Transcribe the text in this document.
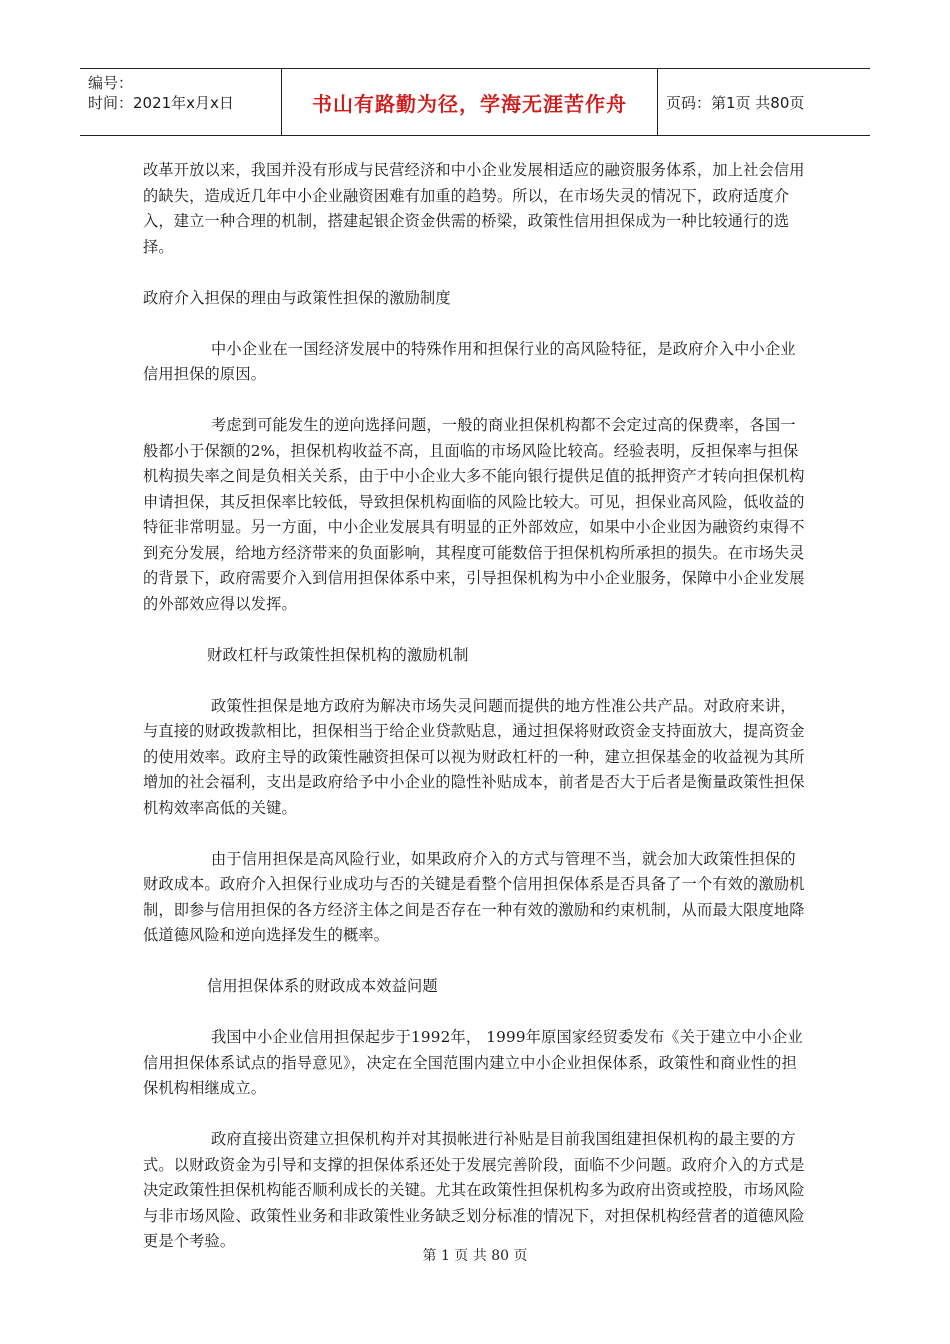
编号：
时间：2021年x月x日	书山有路勤为径，学海无涯苦作舟	页码：第1页 共80页

改革开放以来，我国并没有形成与民营经济和中小企业发展相适应的融资服务体系，加上社会信用的缺失，造成近几年中小企业融资困难有加重的趋势。所以，在市场失灵的情况下，政府适度介入，建立一种合理的机制，搭建起银企资金供需的桥梁，政策性信用担保成为一种比较通行的选择。

政府介入担保的理由与政策性担保的激励制度

中小企业在一国经济发展中的特殊作用和担保行业的高风险特征，是政府介入中小企业信用担保的原因。

考虑到可能发生的逆向选择问题，一般的商业担保机构都不会定过高的保费率，各国一般都小于保额的2%，担保机构收益不高，且面临的市场风险比较高。经验表明，反担保率与担保机构损失率之间是负相关关系，由于中小企业大多不能向银行提供足值的抵押资产才转向担保机构申请担保，其反担保率比较低，导致担保机构面临的风险比较大。可见，担保业高风险，低收益的特征非常明显。另一方面，中小企业发展具有明显的正外部效应，如果中小企业因为融资约束得不到充分发展，给地方经济带来的负面影响，其程度可能数倍于担保机构所承担的损失。在市场失灵的背景下，政府需要介入到信用担保体系中来，引导担保机构为中小企业服务，保障中小企业发展的外部效应得以发挥。

财政杠杆与政策性担保机构的激励机制

政策性担保是地方政府为解决市场失灵问题而提供的地方性准公共产品。对政府来讲，与直接的财政拨款相比，担保相当于给企业贷款贴息，通过担保将财政资金支持面放大，提高资金的使用效率。政府主导的政策性融资担保可以视为财政杠杆的一种，建立担保基金的收益视为其所增加的社会福利，支出是政府给予中小企业的隐性补贴成本，前者是否大于后者是衡量政策性担保机构效率高低的关键。

由于信用担保是高风险行业，如果政府介入的方式与管理不当，就会加大政策性担保的财政成本。政府介入担保行业成功与否的关键是看整个信用担保体系是否具备了一个有效的激励机制，即参与信用担保的各方经济主体之间是否存在一种有效的激励和约束机制，从而最大限度地降低道德风险和逆向选择发生的概率。

信用担保体系的财政成本效益问题

我国中小企业信用担保起步于1992年， 1999年原国家经贸委发布《关于建立中小企业信用担保体系试点的指导意见》，决定在全国范围内建立中小企业担保体系，政策性和商业性的担保机构相继成立。

政府直接出资建立担保机构并对其损帐进行补贴是目前我国组建担保机构的最主要的方式。以财政资金为引导和支撑的担保体系还处于发展完善阶段，面临不少问题。政府介入的方式是决定政策性担保机构能否顺利成长的关键。尤其在政策性担保机构多为政府出资或控股，市场风险与非市场风险、政策性业务和非政策性业务缺乏划分标准的情况下，对担保机构经营者的道德风险更是个考验。

第 1 页 共 80 页
